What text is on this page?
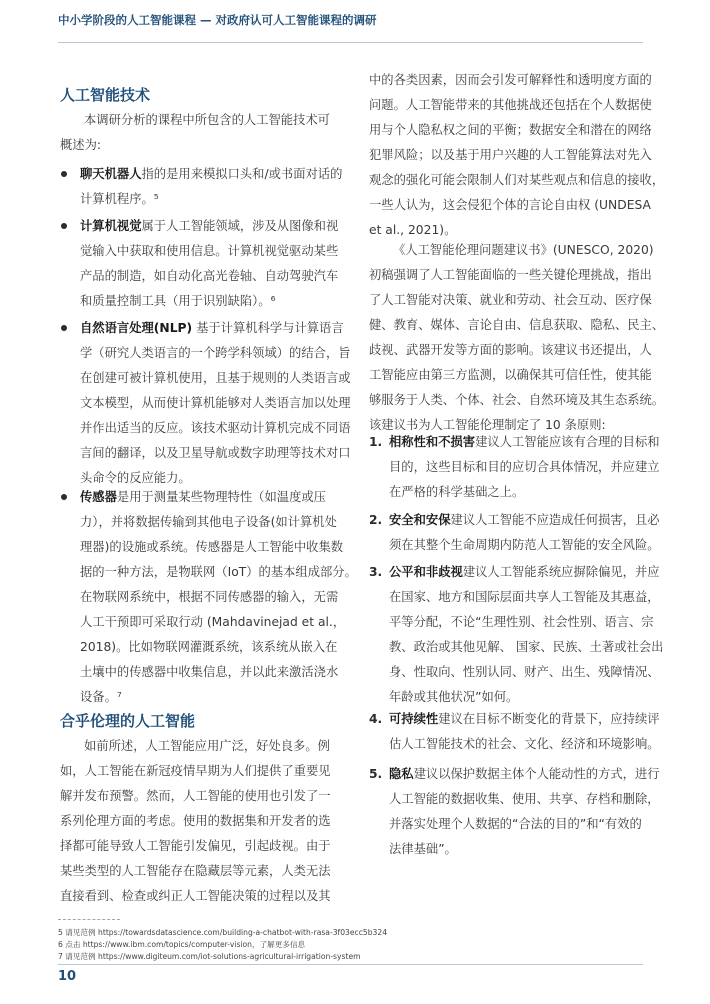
中小学阶段的人工智能课程 — 对政府认可人工智能课程的调研
人工智能技术
本调研分析的课程中所包含的人工智能技术可
概述为:
聊天机器人指的是用来模拟口头和/或书面对话的
计算机程序。⁵
计算机视觉属于人工智能领域，涉及从图像和视
觉输入中获取和使用信息。计算机视觉驱动某些
产品的制造，如自动化高光卷轴、自动驾驶汽车
和质量控制工具（用于识别缺陷）。⁶
自然语言处理(NLP) 基于计算机科学与计算语言
学（研究人类语言的一个跨学科领域）的结合，旨
在创建可被计算机使用，且基于规则的人类语言或
文本模型，从而使计算机能够对人类语言加以处理
并作出适当的反应。该技术驱动计算机完成不同语
言间的翻译，以及卫星导航或数字助理等技术对口
头命令的反应能力。
传感器是用于测量某些物理特性（如温度或压
力），并将数据传输到其他电子设备(如计算机处
理器)的设施或系统。传感器是人工智能中收集数
据的一种方法，是物联网（IoT）的基本组成部分。
在物联网系统中，根据不同传感器的输入，无需
人工干预即可采取行动 (Mahdavinejad et al.，
2018)。比如物联网灌溉系统，该系统从嵌入在
土壤中的传感器中收集信息，并以此来激活浇水
设备。⁷
合乎伦理的人工智能
如前所述，人工智能应用广泛，好处良多。例
如，人工智能在新冠疫情早期为人们提供了重要见
解并发布预警。然而，人工智能的使用也引发了一
系列伦理方面的考虑。使用的数据集和开发者的选
择都可能导致人工智能引发偏见，引起歧视。由于
某些类型的人工智能存在隐藏层等元素，人类无法
直接看到、检查或纠正人工智能决策的过程以及其
中的各类因素，因而会引发可解释性和透明度方面的
问题。人工智能带来的其他挑战还包括在个人数据使
用与个人隐私权之间的平衡；数据安全和潜在的网络
犯罪风险；以及基于用户兴趣的人工智能算法对先入
观念的强化可能会限制人们对某些观点和信息的接收，
一些人认为，这会侵犯个体的言论自由权 (UNDESA
et al., 2021)。
《人工智能伦理问题建议书》(UNESCO, 2020)
初稿强调了人工智能面临的一些关键伦理挑战，指出
了人工智能对决策、就业和劳动、社会互动、医疗保
健、教育、媒体、言论自由、信息获取、隐私、民主、
歧视、武器开发等方面的影响。该建议书还提出，人
工智能应由第三方监测，以确保其可信任性，使其能
够服务于人类、个体、社会、自然环境及其生态系统。
该建议书为人工智能伦理制定了 10 条原则:
1. 相称性和不损害建议人工智能应该有合理的目标和
目的，这些目标和目的应切合具体情况，并应建立
在严格的科学基础之上。
2. 安全和安保建议人工智能不应造成任何损害，且必
须在其整个生命周期内防范人工智能的安全风险。
3. 公平和非歧视建议人工智能系统应摒除偏见，并应
在国家、地方和国际层面共享人工智能及其惠益，
平等分配，不论“生理性别、社会性别、语言、宗
教、政治或其他见解、 国家、民族、土著或社会出
身、性取向、性别认同、财产、出生、残障情况、
年龄或其他状况”如何。
4. 可持续性建议在目标不断变化的背景下，应持续评
估人工智能技术的社会、文化、经济和环境影响。
5. 隐私建议以保护数据主体个人能动性的方式，进行
人工智能的数据收集、使用、共享、存档和删除，
并落实处理个人数据的“合法的目的”和“有效的
法律基础”。
5 请见范例 https://towardsdatascience.com/building-a-chatbot-with-rasa-3f03ecc5b324
6 点击 https://www.ibm.com/topics/computer-vision，了解更多信息
7 请见范例 https://www.digiteum.com/iot-solutions-agricultural-irrigation-system
10
